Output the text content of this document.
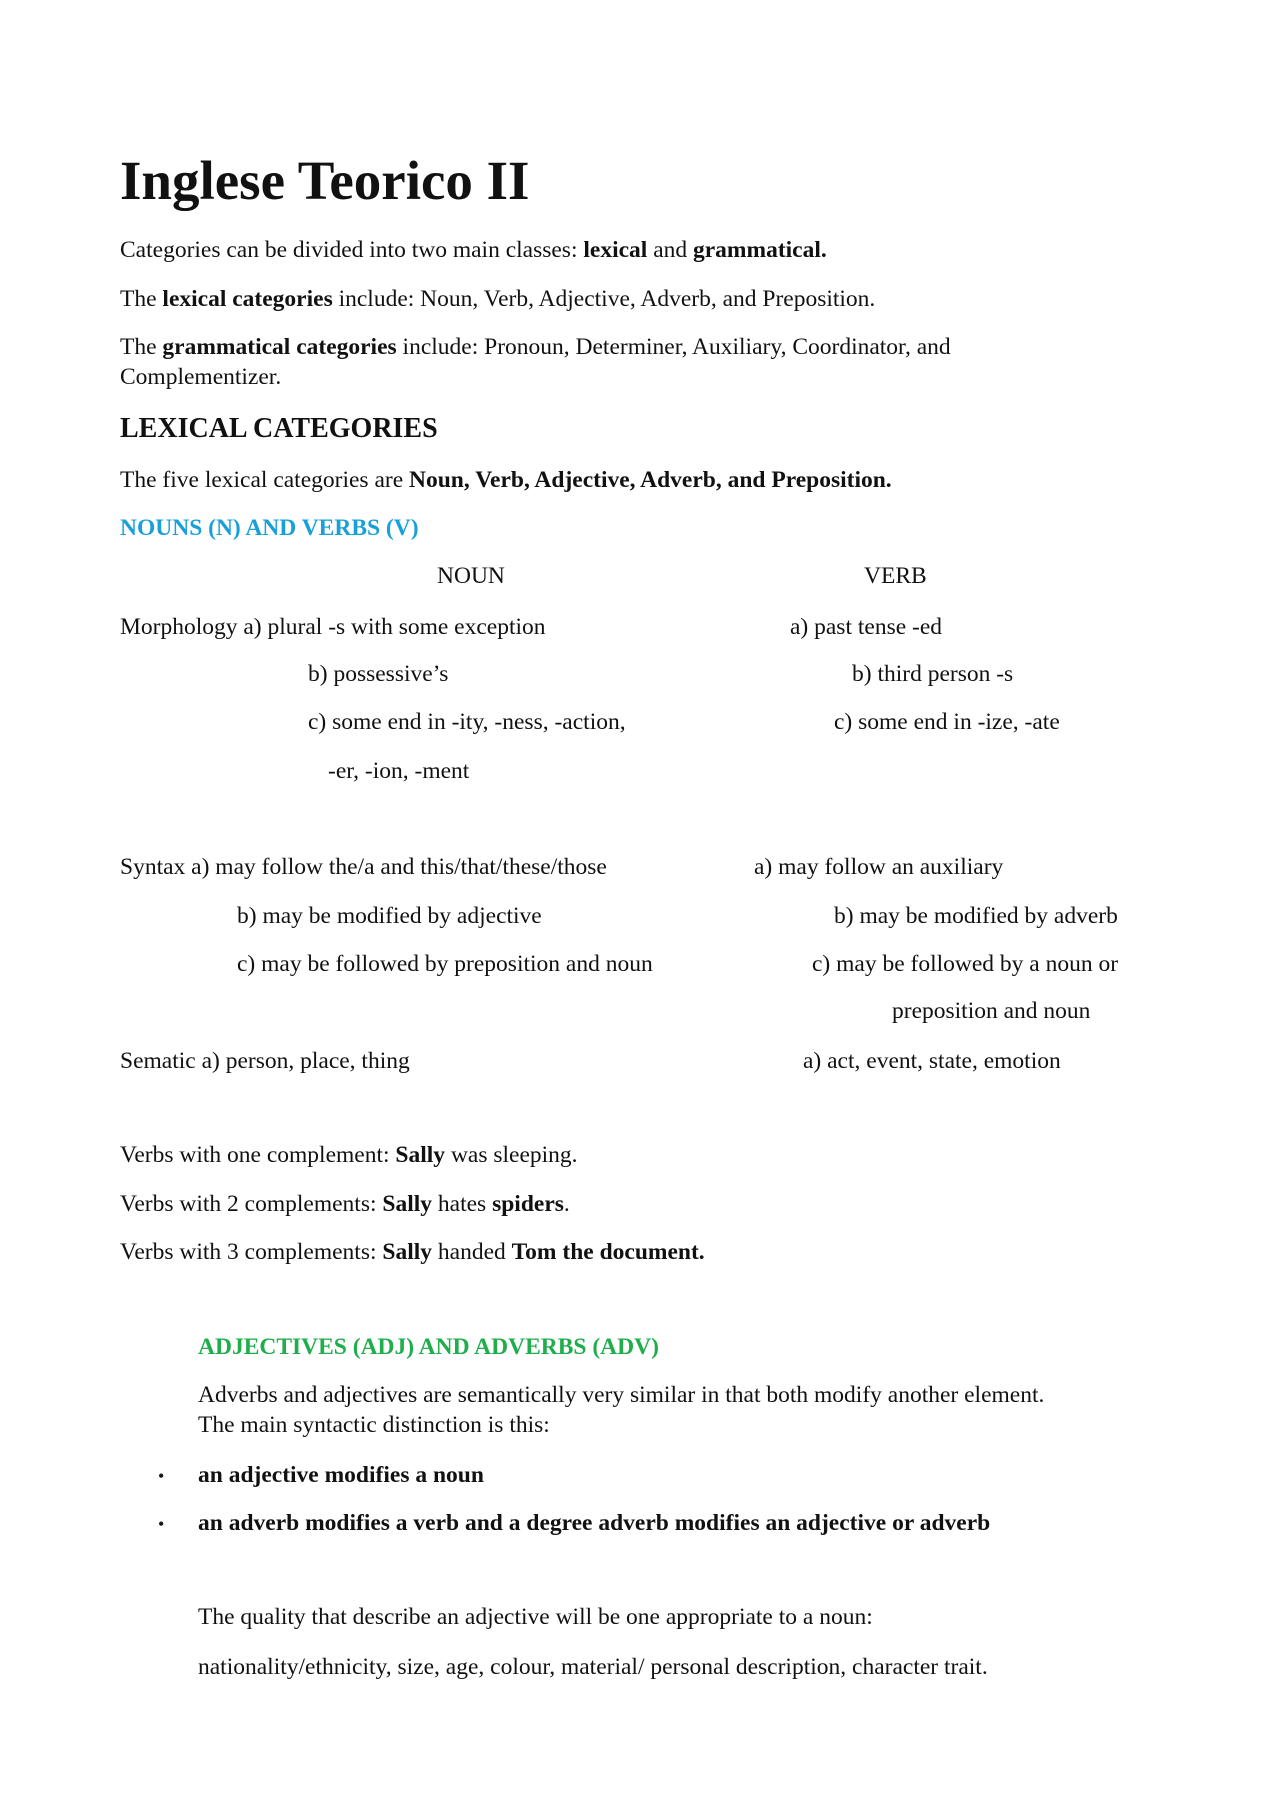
Inglese Teorico II
Categories can be divided into two main classes: lexical and grammatical.
The lexical categories include: Noun, Verb, Adjective, Adverb, and Preposition.
The grammatical categories include: Pronoun, Determiner, Auxiliary, Coordinator, and
Complementizer.
LEXICAL CATEGORIES
The five lexical categories are Noun, Verb, Adjective, Adverb, and Preposition.
NOUNS (N) AND VERBS (V)
NOUN	VERB
Morphology a) plural -s with some exception	a) past tense -ed
b) possessive’s	b) third person -s
c) some end in -ity, -ness, -action,	c) some end in -ize, -ate
-er, -ion, -ment
Syntax a) may follow the/a and this/that/these/those	a) may follow an auxiliary
b) may be modified by adjective	b) may be modified by adverb
c) may be followed by preposition and noun	c) may be followed by a noun or
preposition and noun
Sematic a) person, place, thing	a) act, event, state, emotion
Verbs with one complement: Sally was sleeping.
Verbs with 2 complements: Sally hates spiders.
Verbs with 3 complements: Sally handed Tom the document.
ADJECTIVES (ADJ) AND ADVERBS (ADV)
Adverbs and adjectives are semantically very similar in that both modify another element.
The main syntactic distinction is this:
• an adjective modifies a noun
• an adverb modifies a verb and a degree adverb modifies an adjective or adverb
The quality that describe an adjective will be one appropriate to a noun:
nationality/ethnicity, size, age, colour, material/ personal description, character trait.
